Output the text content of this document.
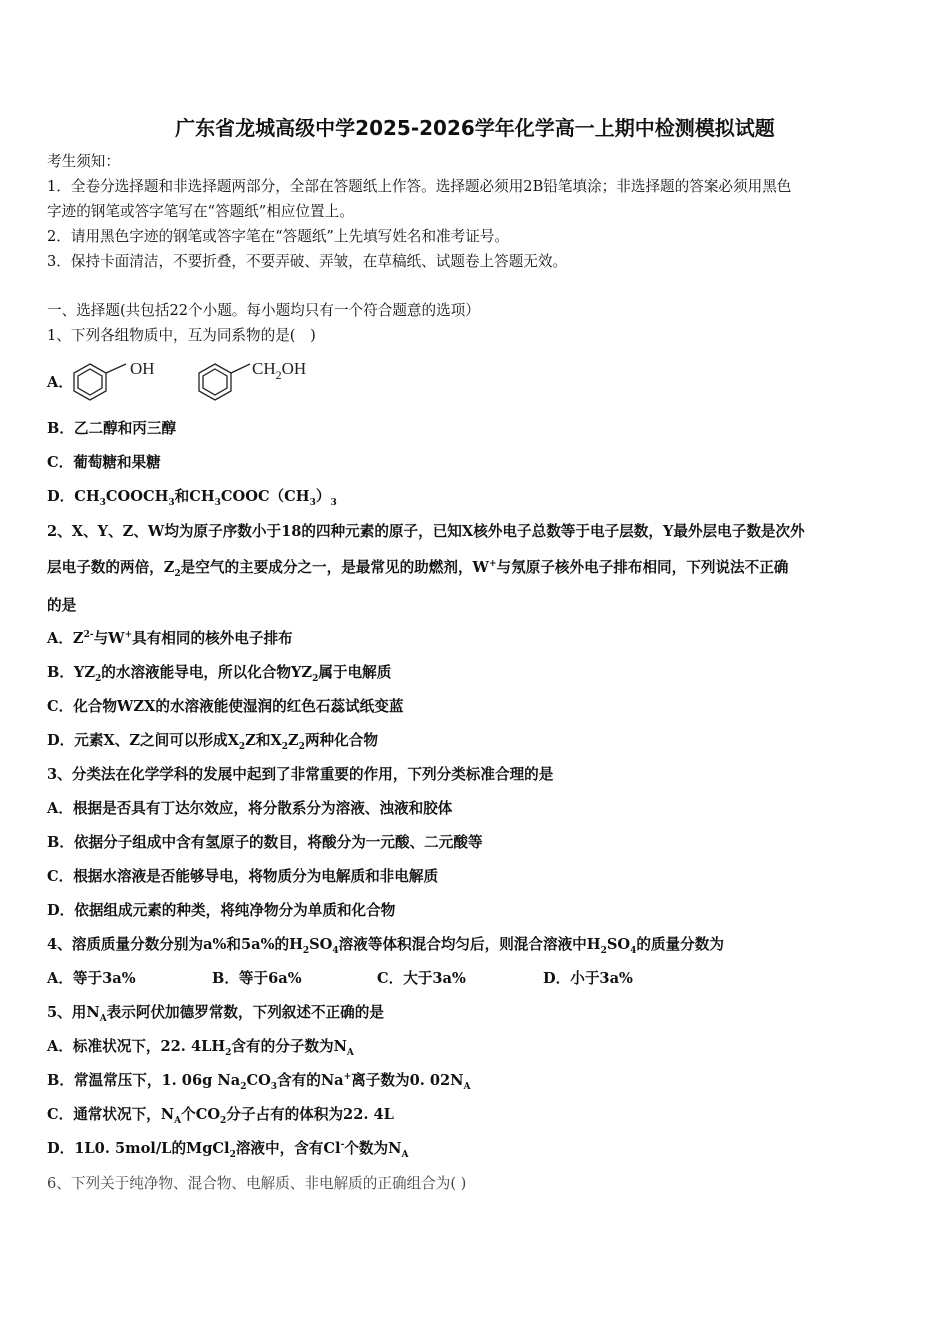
广东省龙城高级中学2025-2026学年化学高一上期中检测模拟试题
考生须知：
1．全卷分选择题和非选择题两部分，全部在答题纸上作答。选择题必须用2B铅笔填涂；非选择题的答案必须用黑色
字迹的钢笔或答字笔写在“答题纸”相应位置上。
2．请用黑色字迹的钢笔或答字笔在“答题纸”上先填写姓名和准考证号。
3．保持卡面清洁，不要折叠，不要弄破、弄皱，在草稿纸、试题卷上答题无效。
一、选择题(共包括22个小题。每小题均只有一个符合题意的选项）
1、下列各组物质中，互为同系物的是(　)
A．
OH	$CH_2OH$
B．乙二醇和丙三醇
C．葡萄糖和果糖
D．$CH_3COOCH_3$和$CH_3COOC(CH_3)_3$
2、X、Y、Z、W均为原子序数小于18的四种元素的原子，已知X核外电子总数等于电子层数，Y最外层电子数是次外
层电子数的两倍，$Z_2$是空气的主要成分之一，是最常见的助燃剂，W+与氖原子核外电子排布相同，下列说法不正确
的是
A．$Z^{2-}$与W+具有相同的核外电子排布
B．$YZ_2$的水溶液能导电，所以化合物$YZ_2$属于电解质
C．化合物WZX的水溶液能使湿润的红色石蕊试纸变蓝
D．元素X、Z之间可以形成$X_2Z$和$X_2Z_2$两种化合物
3、分类法在化学学科的发展中起到了非常重要的作用，下列分类标准合理的是
A．根据是否具有丁达尔效应，将分散系分为溶液、浊液和胶体
B．依据分子组成中含有氢原子的数目，将酸分为一元酸、二元酸等
C．根据水溶液是否能够导电，将物质分为电解质和非电解质
D．依据组成元素的种类，将纯净物分为单质和化合物
4、溶质质量分数分别为a%和5a%的$H_2SO_4$溶液等体积混合均匀后，则混合溶液中$H_2SO_4$的质量分数为
A．等于3a%	B．等于6a%	C．大于3a%	D．小于3a%
5、用$N_A$表示阿伏加德罗常数，下列叙述不正确的是
A．标准状况下，22. $4LH_2$含有的分子数为$N_A$
B．常温常压下，1. 06g $Na_2CO_3$含有的Na+离子数为0. $02N_A$
C．通常状况下，$N_A$个$CO_2$分子占有的体积为22. 4L
D．1L0. 5mol/L的MgCl$_2$溶液中，含有Cl-个数为$N_A$
6、下列关于纯净物、混合物、电解质、非电解质的正确组合为( )
